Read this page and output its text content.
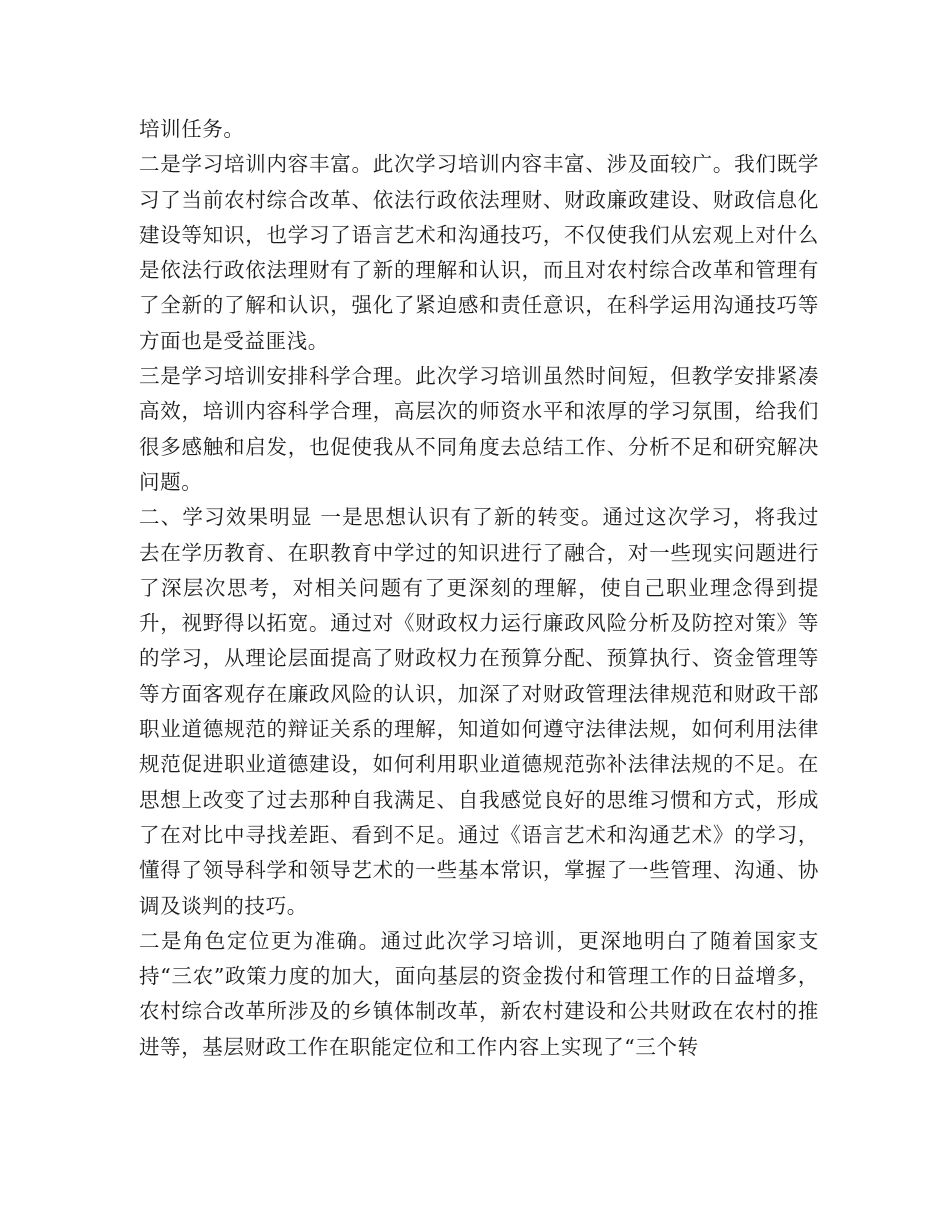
培训任务。

二是学习培训内容丰富。此次学习培训内容丰富、涉及面较广。我们既学习了当前农村综合改革、依法行政依法理财、财政廉政建设、财政信息化建设等知识，也学习了语言艺术和沟通技巧，不仅使我们从宏观上对什么是依法行政依法理财有了新的理解和认识，而且对农村综合改革和管理有了全新的了解和认识，强化了紧迫感和责任意识，在科学运用沟通技巧等方面也是受益匪浅。

三是学习培训安排科学合理。此次学习培训虽然时间短，但教学安排紧凑高效，培训内容科学合理，高层次的师资水平和浓厚的学习氛围，给我们很多感触和启发，也促使我从不同角度去总结工作、分析不足和研究解决问题。

二、学习效果明显 一是思想认识有了新的转变。通过这次学习，将我过去在学历教育、在职教育中学过的知识进行了融合，对一些现实问题进行了深层次思考，对相关问题有了更深刻的理解，使自己职业理念得到提升，视野得以拓宽。通过对《财政权力运行廉政风险分析及防控对策》等的学习，从理论层面提高了财政权力在预算分配、预算执行、资金管理等等方面客观存在廉政风险的认识，加深了对财政管理法律规范和财政干部职业道德规范的辩证关系的理解，知道如何遵守法律法规，如何利用法律规范促进职业道德建设，如何利用职业道德规范弥补法律法规的不足。在思想上改变了过去那种自我满足、自我感觉良好的思维习惯和方式，形成了在对比中寻找差距、看到不足。通过《语言艺术和沟通艺术》的学习，懂得了领导科学和领导艺术的一些基本常识，掌握了一些管理、沟通、协调及谈判的技巧。

二是角色定位更为准确。通过此次学习培训，更深地明白了随着国家支持“三农”政策力度的加大，面向基层的资金拨付和管理工作的日益增多，农村综合改革所涉及的乡镇体制改革，新农村建设和公共财政在农村的推进等，基层财政工作在职能定位和工作内容上实现了“三个转
